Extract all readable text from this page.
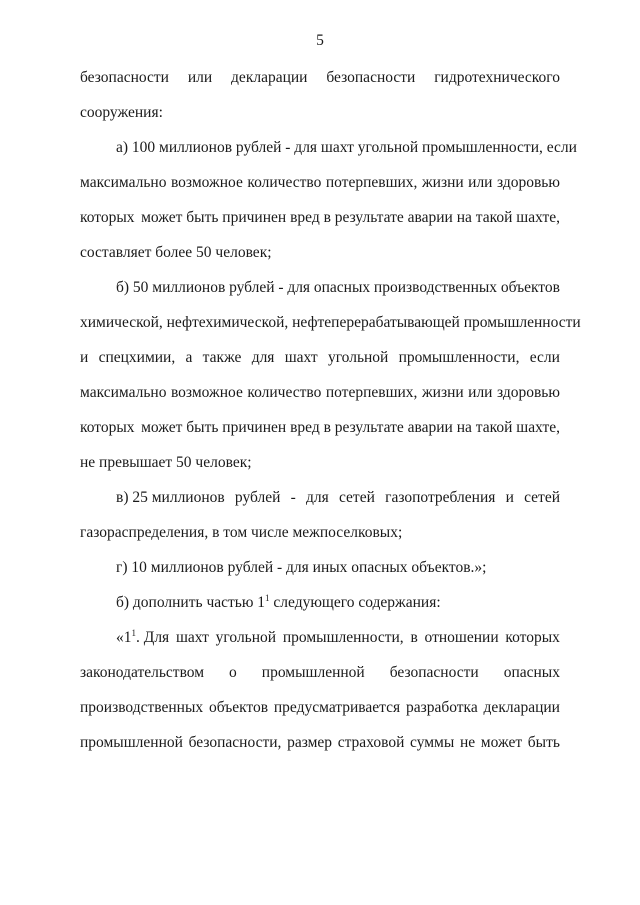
5
безопасности или декларации безопасности гидротехнического
сооружения:
а) 100 миллионов рублей - для шахт угольной промышленности, если
максимально возможное количество потерпевших, жизни или здоровью
которых может быть причинен вред в результате аварии на такой шахте,
составляет более 50 человек;
б) 50 миллионов рублей - для опасных производственных объектов
химической, нефтехимической, нефтеперерабатывающей промышленности
и спецхимии, а также для шахт угольной промышленности, если
максимально возможное количество потерпевших, жизни или здоровью
которых может быть причинен вред в результате аварии на такой шахте,
не превышает 50 человек;
в) 25 миллионов рублей - для сетей газопотребления и сетей
газораспределения, в том числе межпоселковых;
г) 10 миллионов рублей - для иных опасных объектов.»;
б) дополнить частью $1^1$ следующего содержания:
«$1^1$. Для шахт угольной промышленности, в отношении которых
законодательством о промышленной безопасности опасных
производственных объектов предусматривается разработка декларации
промышленной безопасности, размер страховой суммы не может быть
